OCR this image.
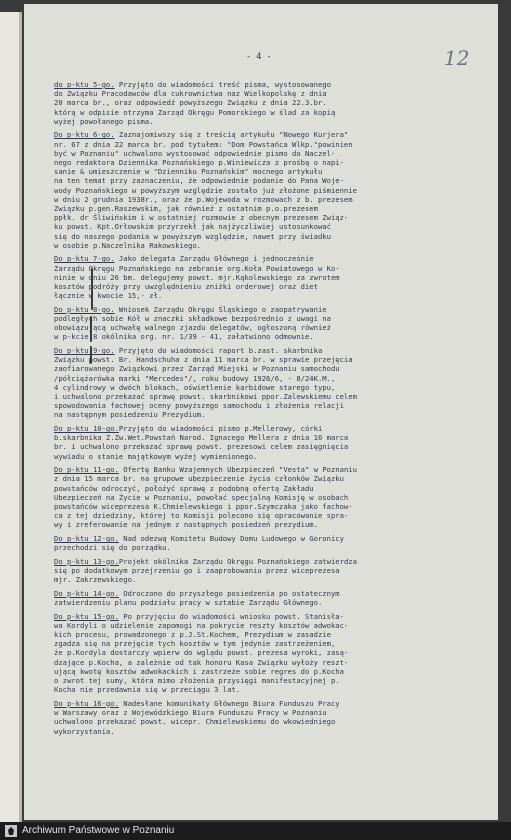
- 4 -	12
do p-ktu 5-go. Przyjęto do wiadomości treść pisma, wystosowanego
do Związku Pracodawców dla cukrownictwa naz Wielkopolskę z dnia
20 marca br., oraz odpowiedź powyższego Związku z dnia 22.3.br.
którą w odpisie otrzyma Zarząd Okręgu Pomorskiego w ślad za kopią
wyżej powołanego pisma.
Do p-ktu 6-go. Zaznajomiwszy się z treścią artykułu "Nowego Kurjera"
nr. 67 z dnia 22 marca br. pod tytułem: "Dom Powstańca Wlkp."powinien
być w Poznaniu" uchwalono wystosować odpowiednie pismo do Naczel-
nego redaktora Dziennika Poznańskiego p.Winiewicza z prośbą o napi-
sanie & umieszczenie w "Dzienniku Poznańskim" mocnego artykułu
na ten temat przy zaznaczeniu, że odpowiednie podanie do Pana Woje-
wody Poznańskiego w powyższym względzie zostało już złożone piśmiennie
w dniu 2 grudnia 1938r., oraz że p.Wojewoda w rozmowach z b. prezesem
Związku p.gen.Raszewskim, jak również z ostatnim p.o.prezesem
ppłk. dr Śliwińskim i w ostatniej rozmowie z obecnym prezesem Związ-
ku powst. Kpt.Orłowskim przyrzekł jak najżyczliwiej ustosunkować
się do naszego podania w powyższym względzie, nawet przy świadku
w osobie p.Naczelnika Rakowskiego.
Do p-ktu 7-go. Jako delegata Zarządu Głównego i jednocześnie
Zarządu Okręgu Poznańskiego na zebranie org.Koła Powiatowego w Ko-
ninie w dniu 26 bm. delegujemy powst. mjr.Kąkolewskiego za zwrotem
kosztów podróży przy uwzględnieniu zniżki orderowej oraz diet
łącznie w kwocie 15,- zł.
Do p-ktu 8-go. Wniosek Zarządu Okręgu Śląskiego o zaopatrywanie
podległych sobie Kół w znaczki składkowe bezpośrednio z uwagi na
obowiązującą uchwałę walnego zjazdu delegatów, ogłoszoną również
w p-kcie 8 okólnika org. nr. 1/39 - 41, załatwiono odmownie.
Do p-ktu 9-go. Przyjęto do wiadomości raport b.zast. skarbnika
Związku powst. Br. Handschuha z dnia 11 marca br. w sprawie przejęcia
zaofiarowanego Związkowi przez Zarząd Miejski w Poznaniu samochodu
/półciężarówka marki "Mercedes"/, roku budowy 1926/6, - 8/24K.M.,
4 cylindrowy w dwóch blokach, oświetlenie karbidowe starego typu,
i uchwalono przekazać sprawę powst. skarbnikowi ppor.Zalewskiemu celem
spowodowania fachowej oceny powyższego samochodu i złożenia relacji
na następnym posiedzeniu Prezydium.
Do p-ktu 10-go.Przyjęto do wiadomości pismo p.Mellerowy, córki
b.skarbnika Z.Zw.Wet.Powstań Narod. Ignacego Mellera z dnia 16 marca
br. i uchwalono przekazać sprawę powst. prezesowi celem zasięgnięcia
wywiadu o stanie majątkowym wyżej wymienionego.
Do p-ktu 11-go. Ofertę Banku Wzajemnych Ubezpieczeń "Vesta" w Poznaniu
z dnia 15 marca br. na grupowe ubezpieczenie życia członków Związku
powstańców odroczyć, położyć sprawę z podobną ofertą Zakładu
Ubezpieczeń na Życie w Poznaniu, powołać specjalną Komisję w osobach
powstańców wiceprezesa K.Chmielewskiego i ppor.Szymczaka jako fachow-
ca z tej dziedziny, której to Komisji polecono się opracowanie spra-
wy i zreferowanie na jednym z następnych posiedzeń prezydium.
Do p-ktu 12-go. Nad odezwą Komitetu Budowy Domu Ludowego w Goronicy
przechodzi się do porządku.
Do p-ktu 13-go.Projekt okólnika Zarządu Okręgu Poznańskiego zatwierdza
się po dodatkowym przejrzeniu go i zaaprobowaniu przez wiceprezesa
mjr. Zakrzewskiego.
Do p-ktu 14-go. Odroczono do przyszłego posiedzenia po ostatecznym
zatwierdzeniu planu podziału pracy w sztabie Zarządu Głównego.
Do p-ktu 15-go. Po przyjęciu do wiadomości wniosku powst. Stanisła-
wa Kordyli o udzielenie zapomogi na pokrycie reszty kosztów adwokac-
kich procesu, prowadzonego z p.J.St.Kochem, Prezydium w zasadzie
zgadza się na przejęcie tych kosztów w tym jedynie zastrzeżeniem,
że p.Kordyla dostarczy wpierw do wglądu powst. prezesa wyroki, zasą-
dzające p.Kocha, a zależnie od tak honoru Kasa Związku wyłoży reszt-
ującą kwotę kosztów adwokackich i zastrzeże sobie regres do p.Kocha
o zwrot tej sumy, która mimo złożenia przysięgi manifestacyjnej p.
Kocha nie przedawnia się w przeciągu 3 lat.
Do p-ktu 16-go. Nadesłane komunikaty Głównego Biura Funduszu Pracy
w Warszawy oraz z Wojewódzkiego Biura Funduszu Pracy w Poznaniu
uchwalono przekazać powst. wicepr. Chmielewskiemu do wkowiedniego
wykorzystania.
Archiwum Państwowe w Poznaniu
